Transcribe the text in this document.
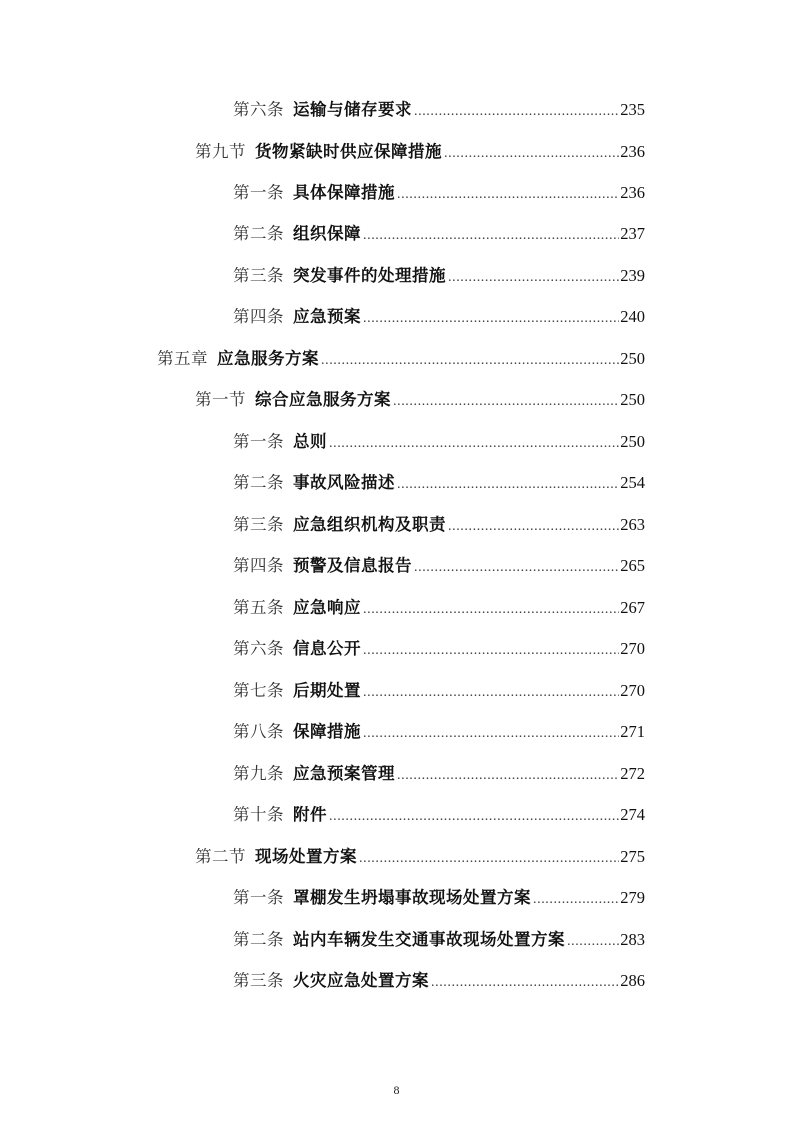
第六条 运输与储存要求 .....	235
第九节 货物紧缺时供应保障措施 .....	236
第一条 具体保障措施 .....	236
第二条 组织保障 .....	237
第三条 突发事件的处理措施 .....	239
第四条 应急预案 .....	240
第五章 应急服务方案 .....	250
第一节 综合应急服务方案 .....	250
第一条 总则 .....	250
第二条 事故风险描述 .....	254
第三条 应急组织机构及职责 .....	263
第四条 预警及信息报告 .....	265
第五条 应急响应 .....	267
第六条 信息公开 .....	270
第七条 后期处置 .....	270
第八条 保障措施 .....	271
第九条 应急预案管理 .....	272
第十条 附件 .....	274
第二节 现场处置方案 .....	275
第一条 罩棚发生坍塌事故现场处置方案 .....	279
第二条 站内车辆发生交通事故现场处置方案 .....	283
第三条 火灾应急处置方案 .....	286
8
